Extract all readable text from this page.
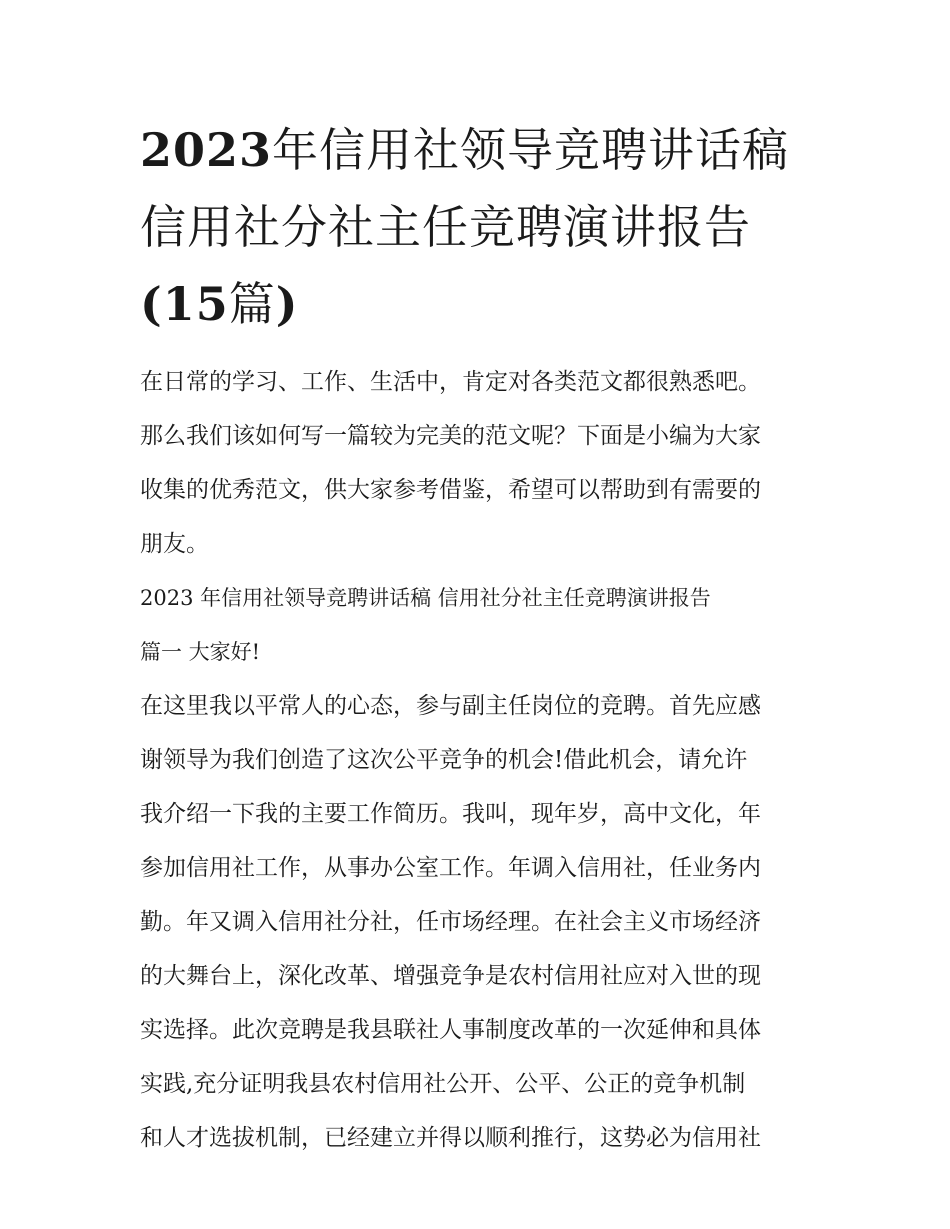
2023年信用社领导竞聘讲话稿
信用社分社主任竞聘演讲报告
(15篇)
在日常的学习、工作、生活中，肯定对各类范文都很熟悉吧。
那么我们该如何写一篇较为完美的范文呢？下面是小编为大家
收集的优秀范文，供大家参考借鉴，希望可以帮助到有需要的
朋友。
2023 年信用社领导竞聘讲话稿 信用社分社主任竞聘演讲报告
篇一 大家好!
在这里我以平常人的心态，参与副主任岗位的竞聘。首先应感
谢领导为我们创造了这次公平竞争的机会!借此机会，请允许
我介绍一下我的主要工作简历。我叫，现年岁，高中文化，年
参加信用社工作，从事办公室工作。年调入信用社，任业务内
勤。年又调入信用社分社，任市场经理。在社会主义市场经济
的大舞台上，深化改革、增强竞争是农村信用社应对入世的现
实选择。此次竞聘是我县联社人事制度改革的一次延伸和具体
实践,充分证明我县农村信用社公开、公平、公正的竞争机制
和人才选拔机制，已经建立并得以顺利推行，这势必为信用社
